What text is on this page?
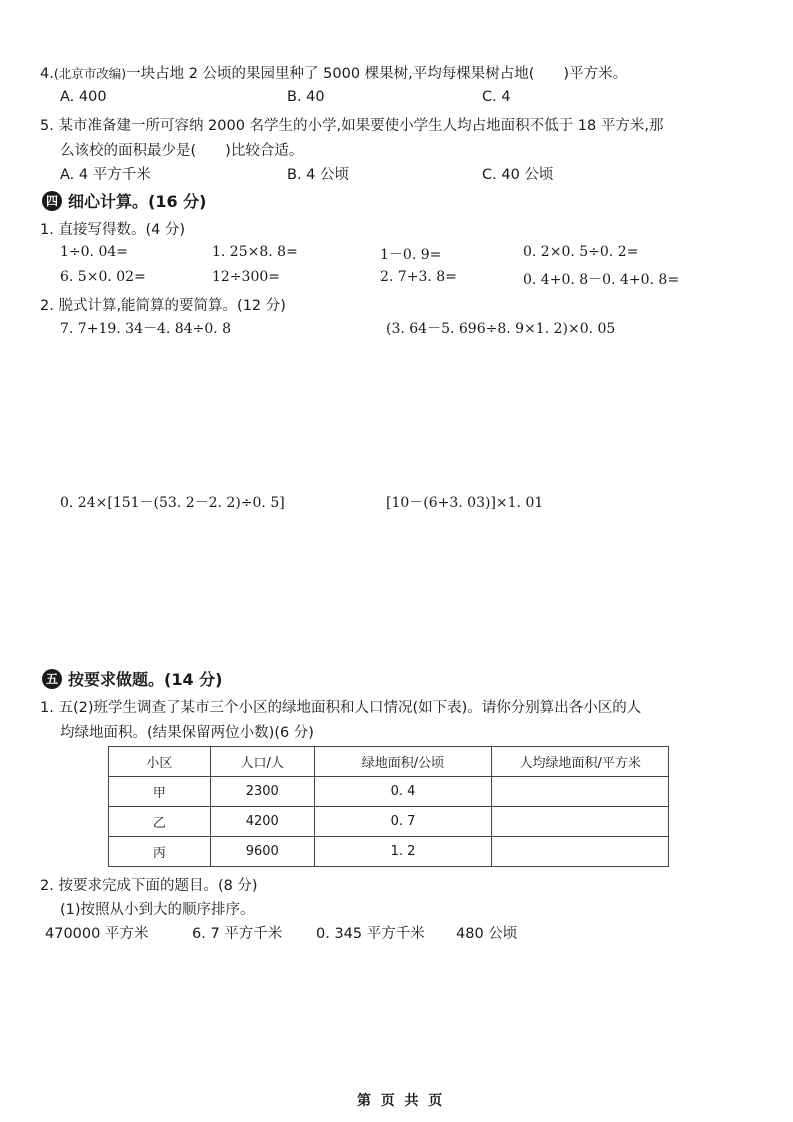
4.(北京市改编)一块占地 2 公顷的果园里种了 5000 棵果树,平均每棵果树占地(　　)平方米。
A. 400	B. 40	C. 4
5. 某市准备建一所可容纳 2000 名学生的小学,如果要使小学生人均占地面积不低于 18 平方米,那
么该校的面积最少是(　　)比较合适。
A. 4 平方千米	B. 4 公顷	C. 40 公顷
四 细心计算。(16 分)
1. 直接写得数。(4 分)
1÷0. 04=	1. 25×8. 8=	1－0. 9=	0. 2×0. 5÷0. 2=
6. 5×0. 02=	12÷300=	2. 7+3. 8=	0. 4+0. 8－0. 4+0. 8=
2. 脱式计算,能简算的要简算。(12 分)
7. 7+19. 34－4. 84÷0. 8	(3. 64－5. 696÷8. 9×1. 2)×0. 05
0. 24×[151－(53. 2－2. 2)÷0. 5]	[10－(6+3. 03)]×1. 01
五 按要求做题。(14 分)
1. 五(2)班学生调查了某市三个小区的绿地面积和人口情况(如下表)。请你分别算出各小区的人
均绿地面积。(结果保留两位小数)(6 分)
小区	人口/人	绿地面积/公顷	人均绿地面积/平方米
甲	2300	0. 4	
乙	4200	0. 7	
丙	9600	1. 2	
2. 按要求完成下面的题目。(8 分)
(1)按照从小到大的顺序排序。
470000 平方米	6. 7 平方千米 0. 345 平方千米 480 公顷
第  页  共  页
